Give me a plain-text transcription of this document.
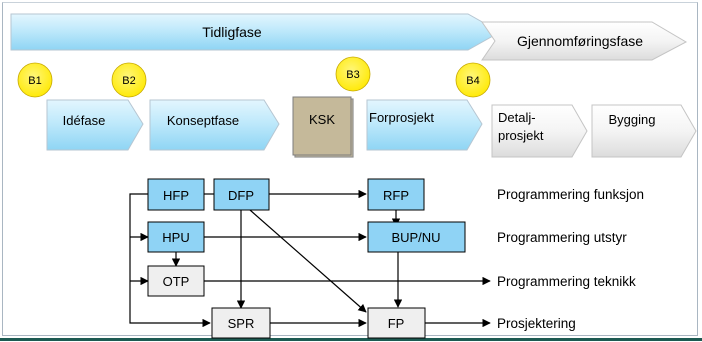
Tidligfase
Gjennomføringsfase
Idéfase	Konseptfase	KSK	Forprosjekt	Detalj-
prosjekt
Bygging
B1	B2	B3	B4
HFP	DFP	RFP
HPU	BUP/NU
OTP
SPR	FP
Programmering funksjon
Programmering utstyr
Programmering teknikk
Prosjektering
